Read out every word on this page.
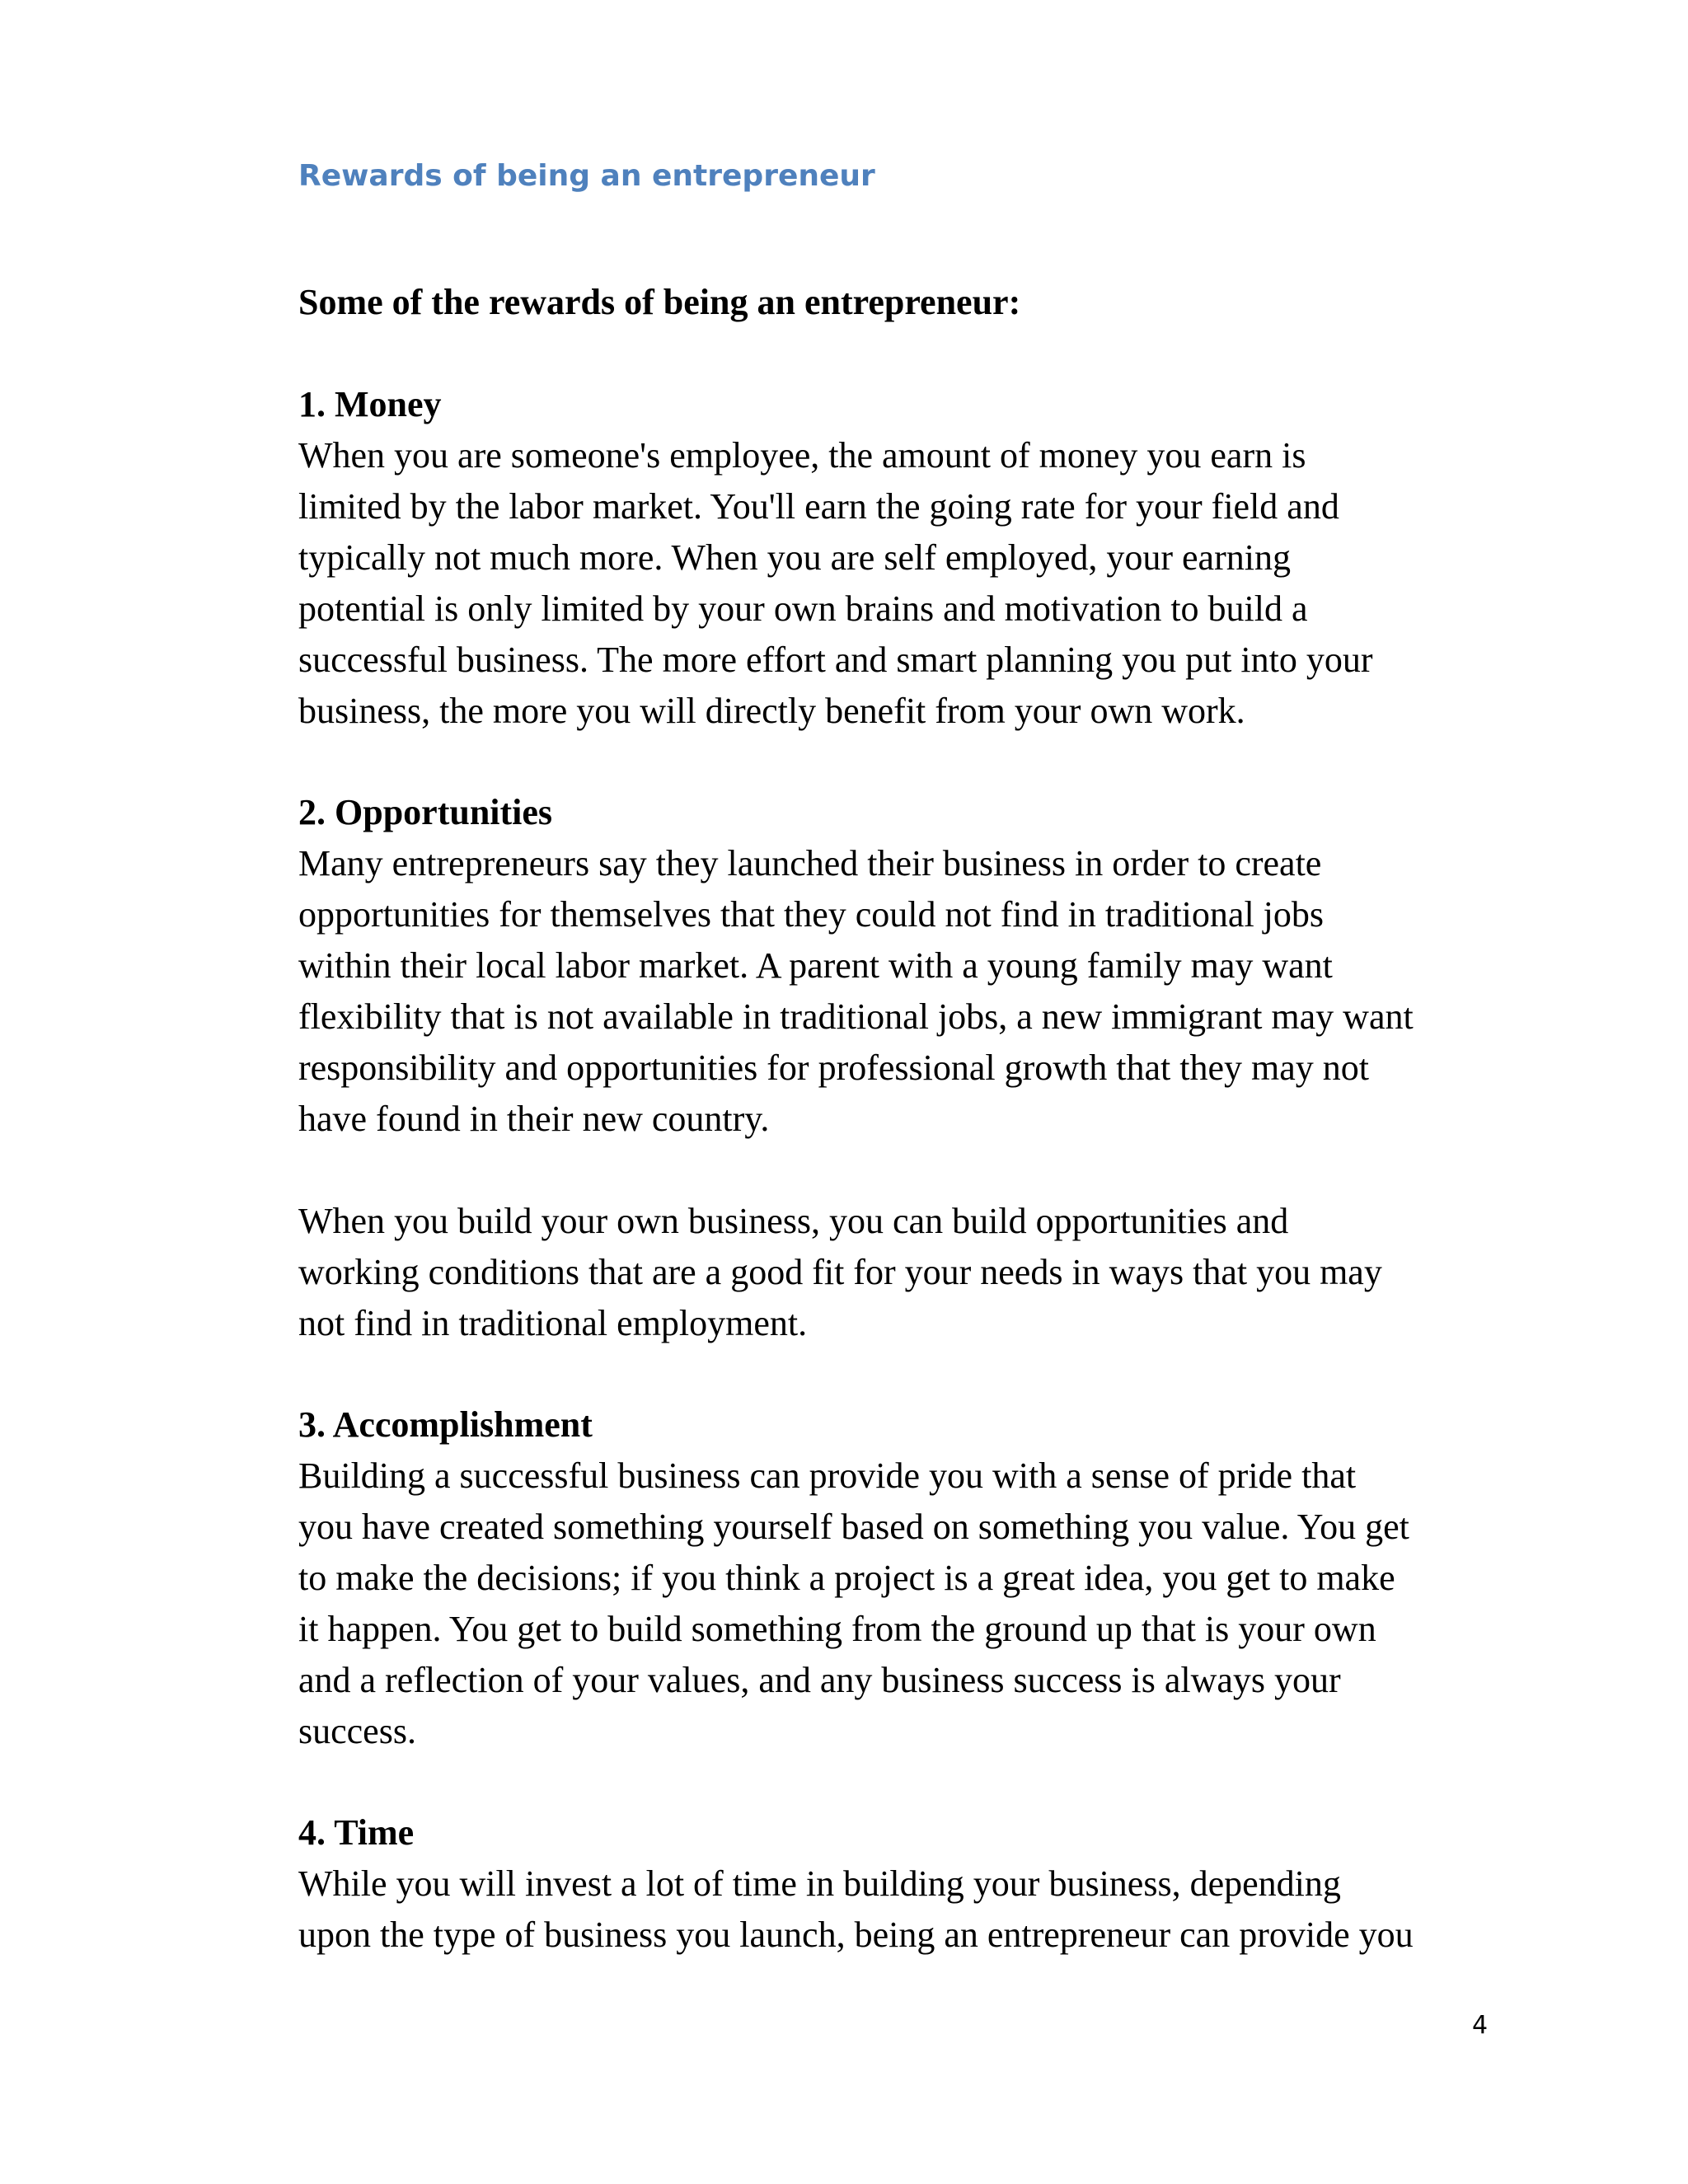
Rewards of being an entrepreneur

Some of the rewards of being an entrepreneur:

1. Money

When you are someone's employee, the amount of money you earn is
limited by the labor market. You'll earn the going rate for your field and
typically not much more. When you are self employed, your earning
potential is only limited by your own brains and motivation to build a
successful business. The more effort and smart planning you put into your
business, the more you will directly benefit from your own work.

2. Opportunities

Many entrepreneurs say they launched their business in order to create
opportunities for themselves that they could not find in traditional jobs
within their local labor market. A parent with a young family may want
flexibility that is not available in traditional jobs, a new immigrant may want
responsibility and opportunities for professional growth that they may not
have found in their new country.

When you build your own business, you can build opportunities and
working conditions that are a good fit for your needs in ways that you may
not find in traditional employment.

3. Accomplishment

Building a successful business can provide you with a sense of pride that
you have created something yourself based on something you value. You get
to make the decisions; if you think a project is a great idea, you get to make
it happen. You get to build something from the ground up that is your own
and a reflection of your values, and any business success is always your
success.

4. Time

While you will invest a lot of time in building your business, depending
upon the type of business you launch, being an entrepreneur can provide you

4
